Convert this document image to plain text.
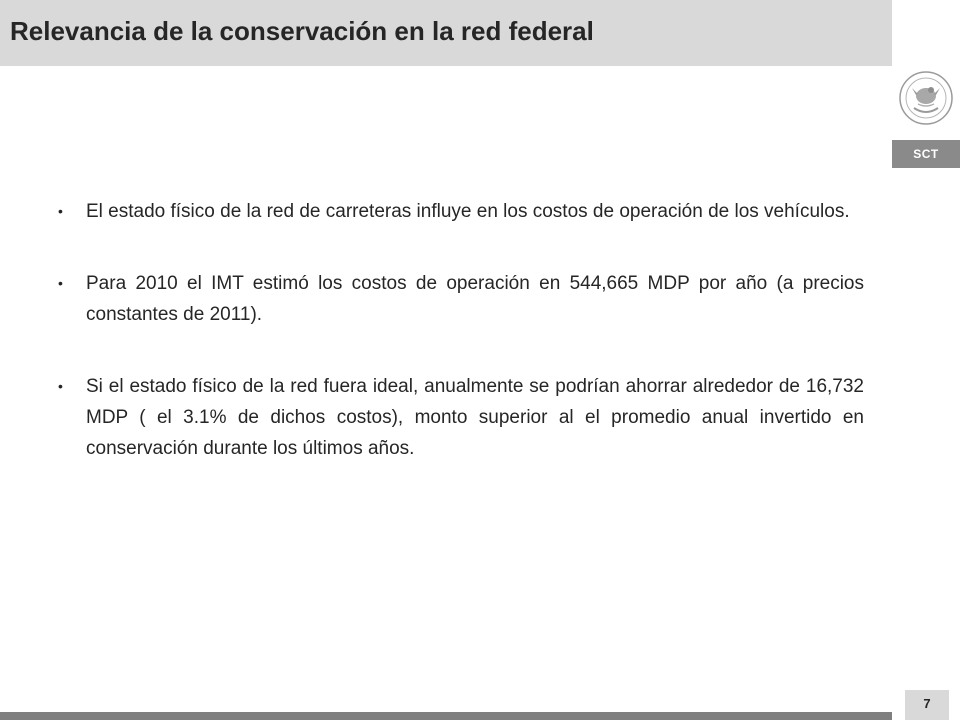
Relevancia de la conservación en la red federal
SCT
• El estado físico de la red de carreteras influye en los costos de operación de los vehículos.
• Para 2010 el IMT estimó los costos de operación en 544,665 MDP por año (a precios constantes de 2011).
• Si el estado físico de la red fuera ideal, anualmente se podrían ahorrar alrededor de 16,732 MDP ( el 3.1% de dichos costos), monto superior al el promedio anual invertido en conservación durante los últimos años.
7
